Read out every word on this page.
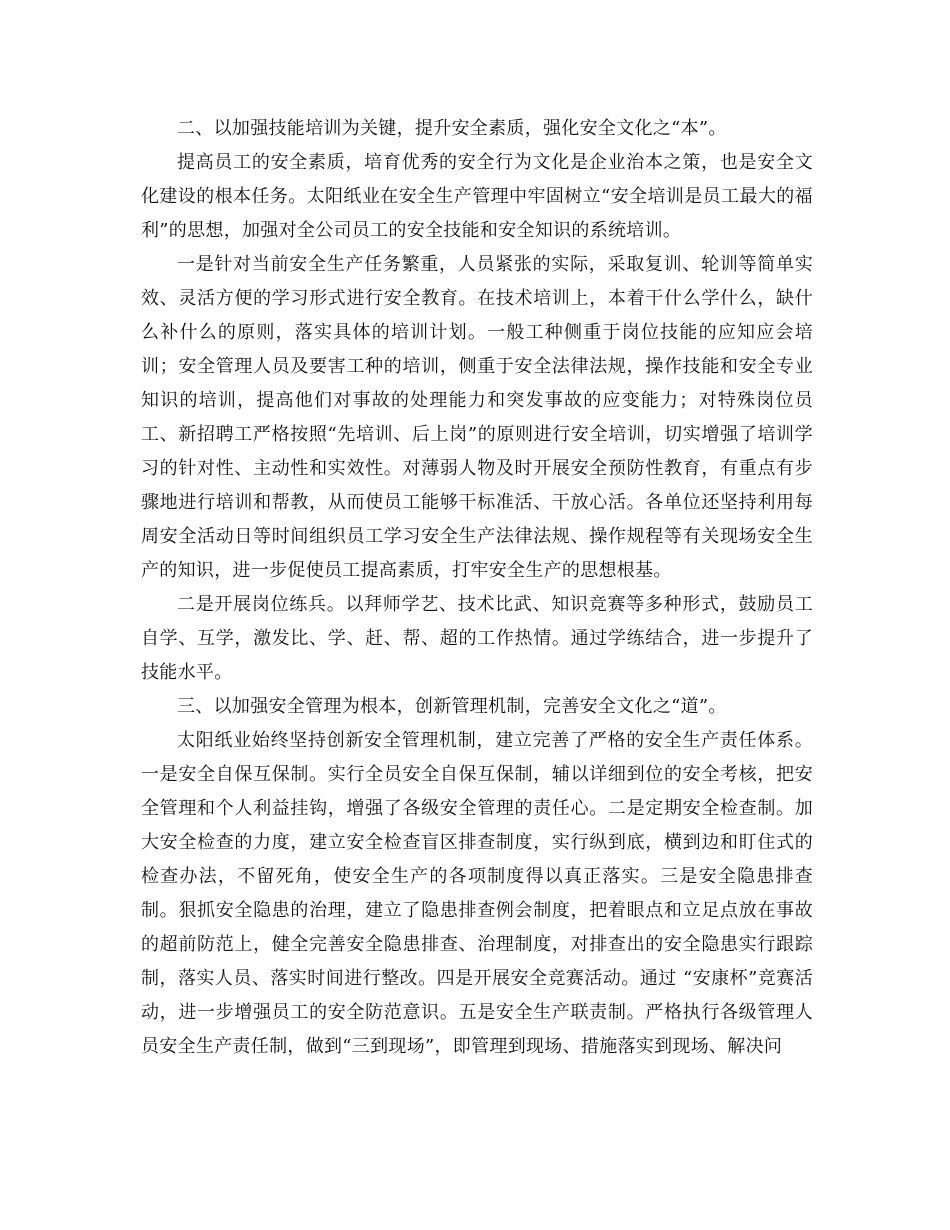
二、以加强技能培训为关键，提升安全素质，强化安全文化之“本”。

提高员工的安全素质，培育优秀的安全行为文化是企业治本之策，也是安全文化建设的根本任务。太阳纸业在安全生产管理中牢固树立“安全培训是员工最大的福利”的思想，加强对全公司员工的安全技能和安全知识的系统培训。

一是针对当前安全生产任务繁重，人员紧张的实际，采取复训、轮训等简单实效、灵活方便的学习形式进行安全教育。在技术培训上，本着干什么学什么，缺什么补什么的原则，落实具体的培训计划。一般工种侧重于岗位技能的应知应会培训；安全管理人员及要害工种的培训，侧重于安全法律法规，操作技能和安全专业知识的培训，提高他们对事故的处理能力和突发事故的应变能力；对特殊岗位员工、新招聘工严格按照“先培训、后上岗”的原则进行安全培训，切实增强了培训学习的针对性、主动性和实效性。对薄弱人物及时开展安全预防性教育，有重点有步骤地进行培训和帮教，从而使员工能够干标准活、干放心活。各单位还坚持利用每周安全活动日等时间组织员工学习安全生产法律法规、操作规程等有关现场安全生产的知识，进一步促使员工提高素质，打牢安全生产的思想根基。

二是开展岗位练兵。以拜师学艺、技术比武、知识竞赛等多种形式，鼓励员工自学、互学，激发比、学、赶、帮、超的工作热情。通过学练结合，进一步提升了技能水平。

三、以加强安全管理为根本，创新管理机制，完善安全文化之“道”。

太阳纸业始终坚持创新安全管理机制，建立完善了严格的安全生产责任体系。一是安全自保互保制。实行全员安全自保互保制，辅以详细到位的安全考核，把安全管理和个人利益挂钩，增强了各级安全管理的责任心。二是定期安全检查制。加大安全检查的力度，建立安全检查盲区排查制度，实行纵到底，横到边和盯住式的检查办法，不留死角，使安全生产的各项制度得以真正落实。三是安全隐患排查制。狠抓安全隐患的治理，建立了隐患排查例会制度，把着眼点和立足点放在事故的超前防范上，健全完善安全隐患排查、治理制度，对排查出的安全隐患实行跟踪制，落实人员、落实时间进行整改。四是开展安全竞赛活动。通过 “安康杯”竞赛活动，进一步增强员工的安全防范意识。五是安全生产联责制。严格执行各级管理人员安全生产责任制，做到“三到现场”，即管理到现场、措施落实到现场、解决问
